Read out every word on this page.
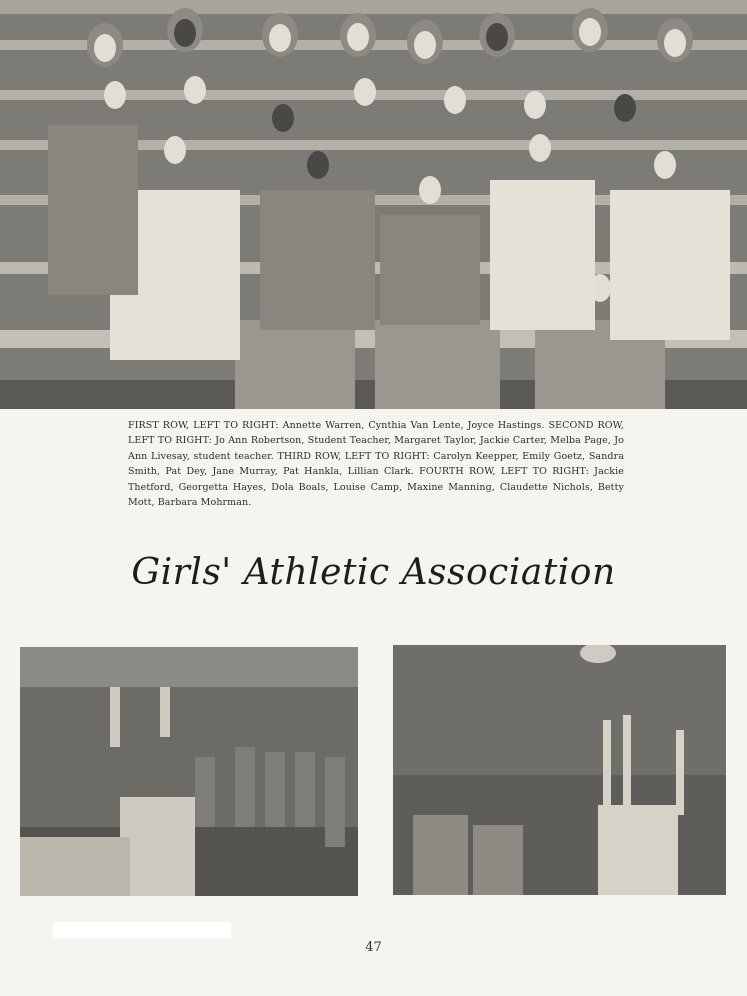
FIRST ROW, LEFT TO RIGHT: Annette Warren, Cynthia Van Lente, Joyce Hastings. SECOND ROW, LEFT TO RIGHT: Jo Ann Robertson, Student Teacher, Margaret Taylor, Jackie Carter, Melba Page, Jo Ann Livesay, student teacher. THIRD ROW, LEFT TO RIGHT: Carolyn Keepper, Emily Goetz, Sandra Smith, Pat Dey, Jane Murray, Pat Hankla, Lillian Clark. FOURTH ROW, LEFT TO RIGHT: Jackie Thetford, Georgetta Hayes, Dola Boals, Louise Camp, Maxine Manning, Claudette Nichols, Betty Mott, Barbara Mohrman.
Girls' Athletic Association
47
